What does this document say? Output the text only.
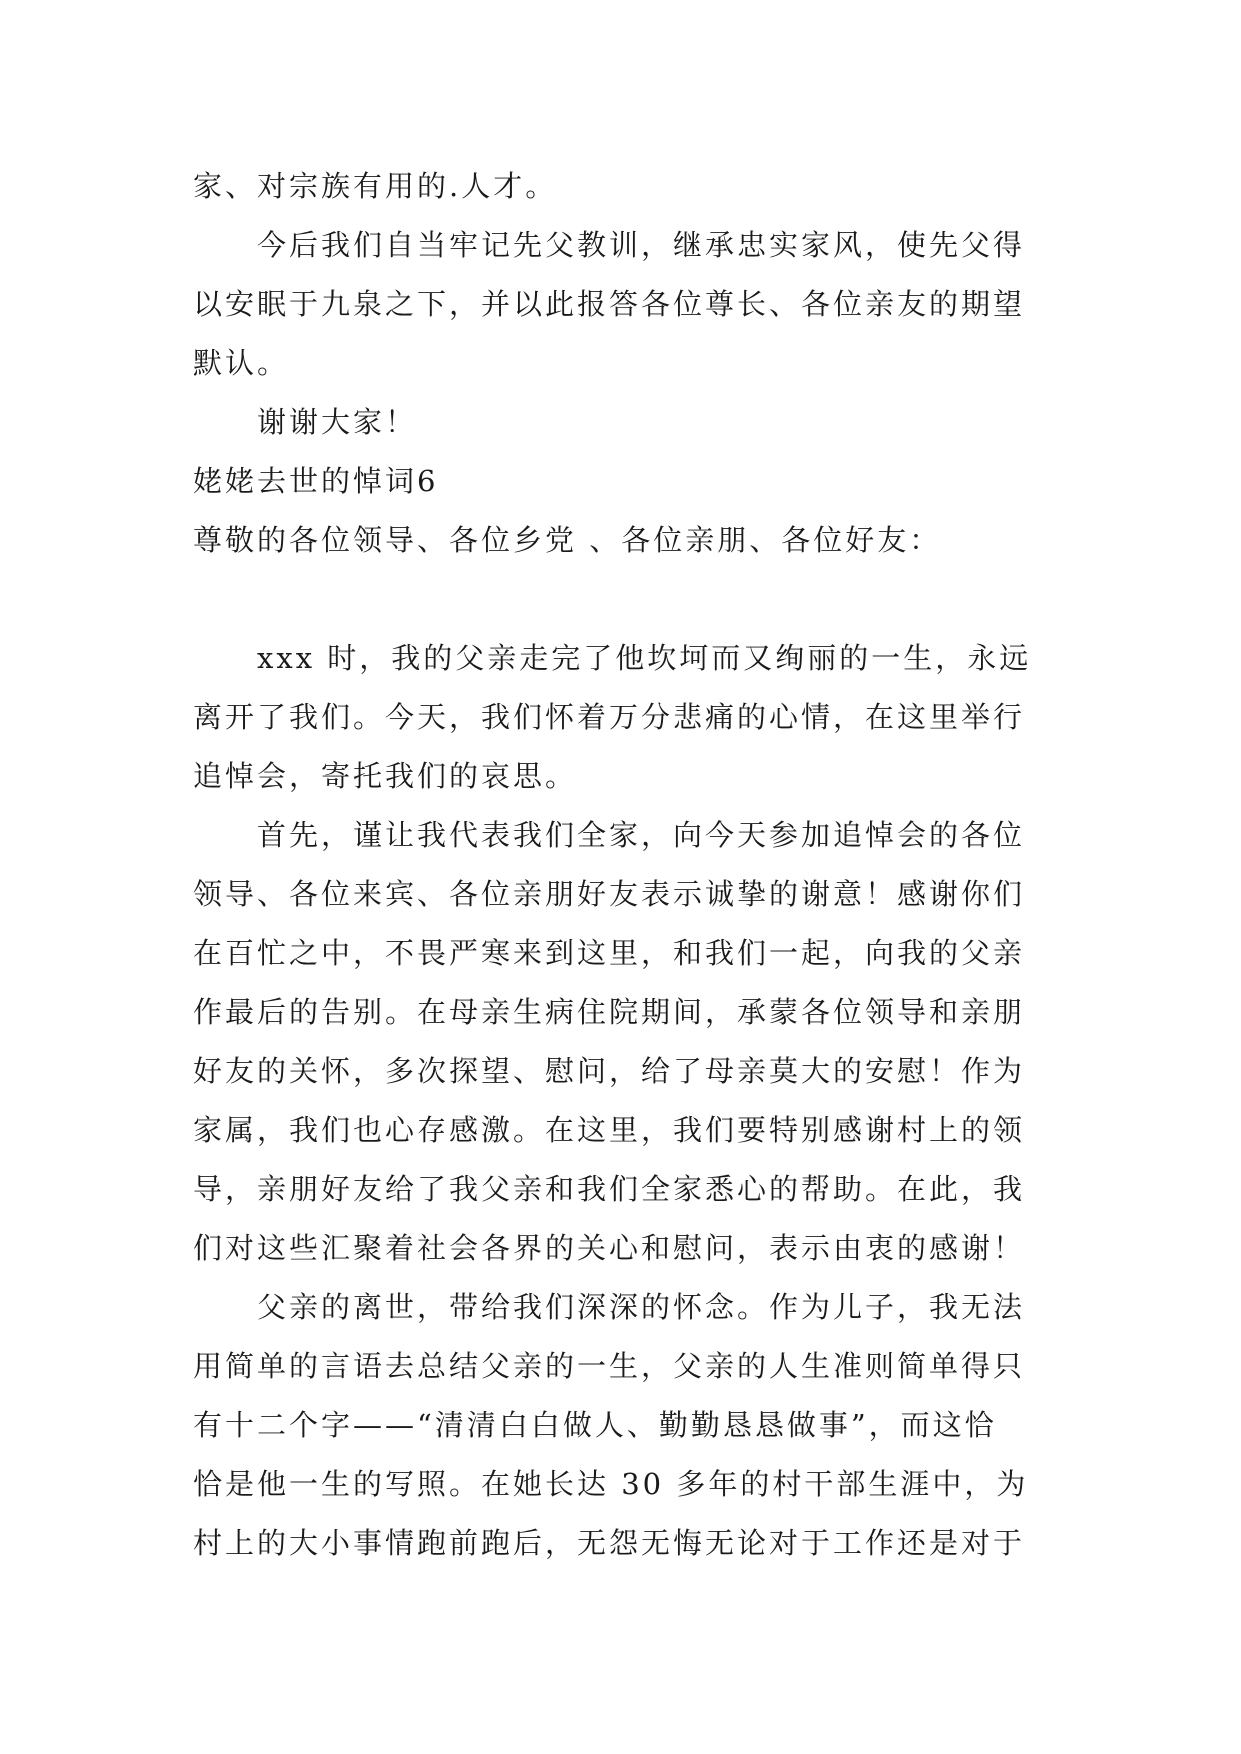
家、对宗族有用的.人才。
今后我们自当牢记先父教训，继承忠实家风，使先父得
以安眠于九泉之下，并以此报答各位尊长、各位亲友的期望
默认。
谢谢大家！
姥姥去世的悼词6
尊敬的各位领导、各位乡党 、各位亲朋、各位好友：
xxx 时，我的父亲走完了他坎坷而又绚丽的一生，永远
离开了我们。今天，我们怀着万分悲痛的心情，在这里举行
追悼会，寄托我们的哀思。
首先，谨让我代表我们全家，向今天参加追悼会的各位
领导、各位来宾、各位亲朋好友表示诚挚的谢意！感谢你们
在百忙之中，不畏严寒来到这里，和我们一起，向我的父亲
作最后的告别。在母亲生病住院期间，承蒙各位领导和亲朋
好友的关怀，多次探望、慰问，给了母亲莫大的安慰！作为
家属，我们也心存感激。在这里，我们要特别感谢村上的领
导，亲朋好友给了我父亲和我们全家悉心的帮助。在此，我
们对这些汇聚着社会各界的关心和慰问，表示由衷的感谢！
父亲的离世，带给我们深深的怀念。作为儿子，我无法
用简单的言语去总结父亲的一生，父亲的人生准则简单得只
有十二个字——“清清白白做人、勤勤恳恳做事”，而这恰
恰是他一生的写照。在她长达 30 多年的村干部生涯中，为
村上的大小事情跑前跑后，无怨无悔无论对于工作还是对于
